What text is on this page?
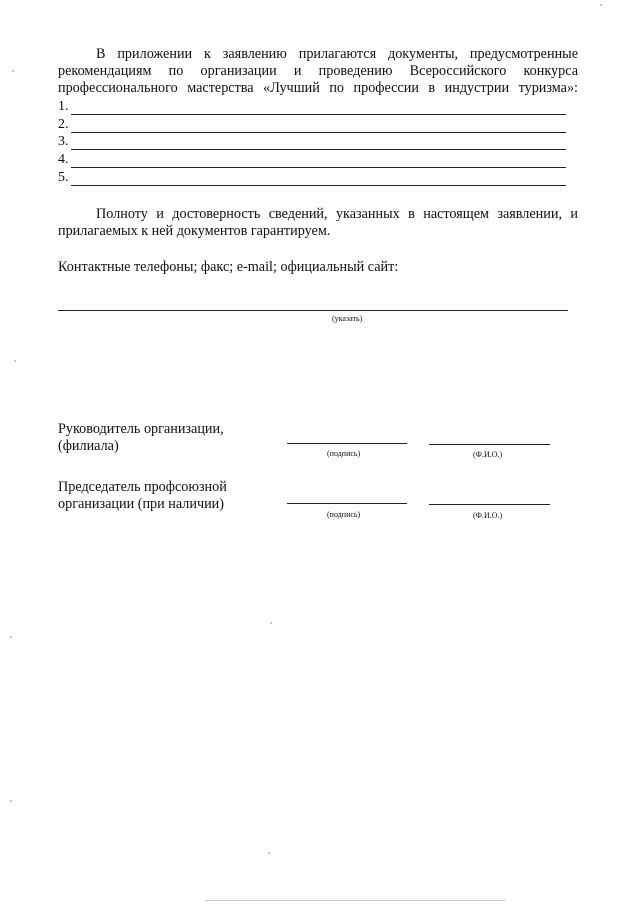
В приложении к заявлению прилагаются документы, предусмотренные
рекомендациям по организации и проведению Всероссийского конкурса
профессионального мастерства «Лучший по профессии в индустрии туризма»:
1.
2.
3.
4.
5.
Полноту и достоверность сведений, указанных в настоящем заявлении, и
прилагаемых к ней документов гарантируем.
Контактные телефоны; факс; e-mail; официальный сайт:
(указать)
Руководитель организации,
(филиала)	(подпись)	(Ф.И.О.)
Председатель профсоюзной
организации (при наличии)
(подпись)	(Ф.И.О.)
